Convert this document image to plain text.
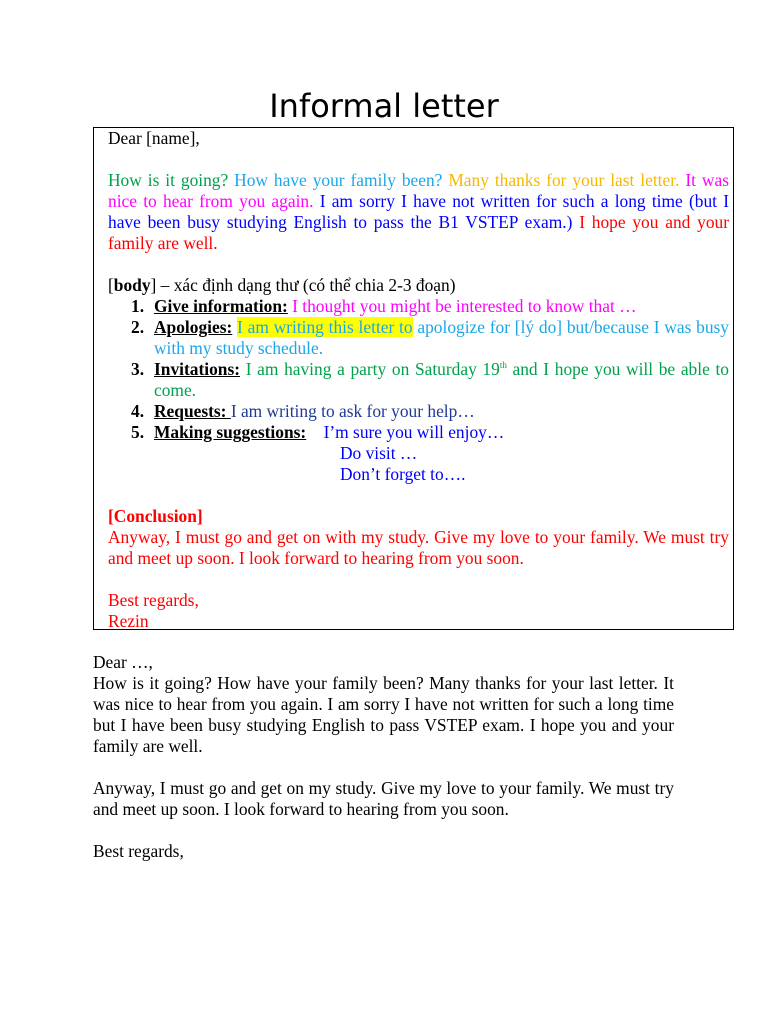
Informal letter

Dear [name],

How is it going? How have your family been? Many thanks for your last letter. It was nice to hear from you again. I am sorry I have not written for such a long time (but I have been busy studying English to pass the B1 VSTEP exam.) I hope you and your family are well.

[body] – xác định dạng thư (có thể chia 2-3 đoạn)

1. Give information: I thought you might be interested to know that …
2. Apologies: I am writing this letter to apologize for [lý do] but/because I was busy with my study schedule.
3. Invitations: I am having a party on Saturday 19th and I hope you will be able to come.
4. Requests: I am writing to ask for your help…
5. Making suggestions:    I’m sure you will enjoy…

Do visit …

Don’t forget to….

[Conclusion]

Anyway, I must go and get on with my study. Give my love to your family. We must try and meet up soon. I look forward to hearing from you soon.

Best regards,

Rezin

Dear …,

How is it going? How have your family been? Many thanks for your last letter. It was nice to hear from you again. I am sorry I have not written for such a long time but I have been busy studying English to pass VSTEP exam. I hope you and your family are well.

Anyway, I must go and get on my study. Give my love to your family. We must try and meet up soon. I look forward to hearing from you soon.

Best regards,
